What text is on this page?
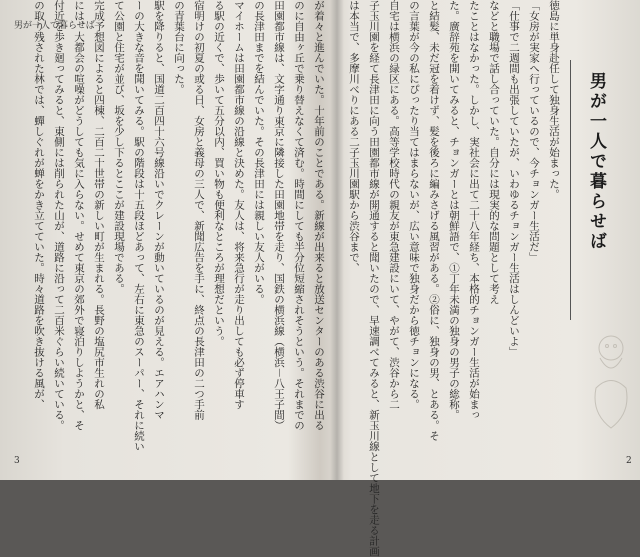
男が一人で暮らせば	が着々と進んでいた。十年前のことである。新線が出来ると放送センターのある渋谷に出る
のに自由ヶ丘で乗り替えなくて済む。時間にしても半分位短縮されそうという。それまでの
田園都市線は、文字通り東京に隣接した田園地帯を走り、国鉄の横浜線（横浜－八王子間）
の長津田までを結んでいた。その長津田には親しい友人がいる。
マイホームは田園都市線の沿線と決めた。友人は、将来急行が走り出しても必ず停車す
る駅の近くで、歩いて五分以内、買い物も便利なところが理想だという。
宿明けの初夏の或る日、女房と義母の三人で、新聞広告を手に、終点の長津田の二つ手前
の青葉台に向った。
駅を降りると、国道二百四十六号線沿いでクレーンが動いているのが見える。エアハンマ
ーの大きな音を聞いてみる。駅の階段は十五段ほどあって、左右に東急のスーパー、それに続い
て公園と住宅が並び、坂を少し下るとここが建設現場である。
完成予想図によると四棟、二百二十世帯の新しい町が生まれる。長野の塩尻市生れの私
には、大都会の喧噪がどうしても気に入らない。せめて東京の郊外で寝泊りしようかと、そ
付近を歩き廻ってみると、東側には削られた山が、道路に沿って二百米ぐらい続いている。
の取り残された林では、蟬しぐれが蝉をかき立てていた。時々道路を吹き抜ける風が、
3
男が一人で暮らせば
徳島に単身赴任して独身生活が始まった。
「女房が実家へ行っているので、今チョンガー生活だ」
「仕事で二週間も出張していたが、いわゆるチョンガー生活はしんどいよ」
などと職場で話し合っていた。自分には現実的な問題として考え
たことはなかった。しかし、実社会に出て二十八年経ち、本格的チョンガー生活が始まっ
た。廣辞苑を開いてみると、チョンガーとは朝鮮語で、①丁年未満の独身の男子の総称。
と結髪、未だ冠を着けず、髪を後ろに編みさげる風習がある。②俗に、独身の男、とある。そ
の言葉が今の私にぴったり当てはまらないが、広い意味で独身だから徳チョンになる。
自宅は横浜の緑区にある。高等学校時代の親友が東急建設にいて、やがて、渋谷から二
子玉川園を経て長津田に向う田園都市線が開通すると聞いたので、早速調べてみると、新玉川線として地下を走る計画
は本当で、多摩川べりにある二子玉川園駅から渋谷まで、
2
